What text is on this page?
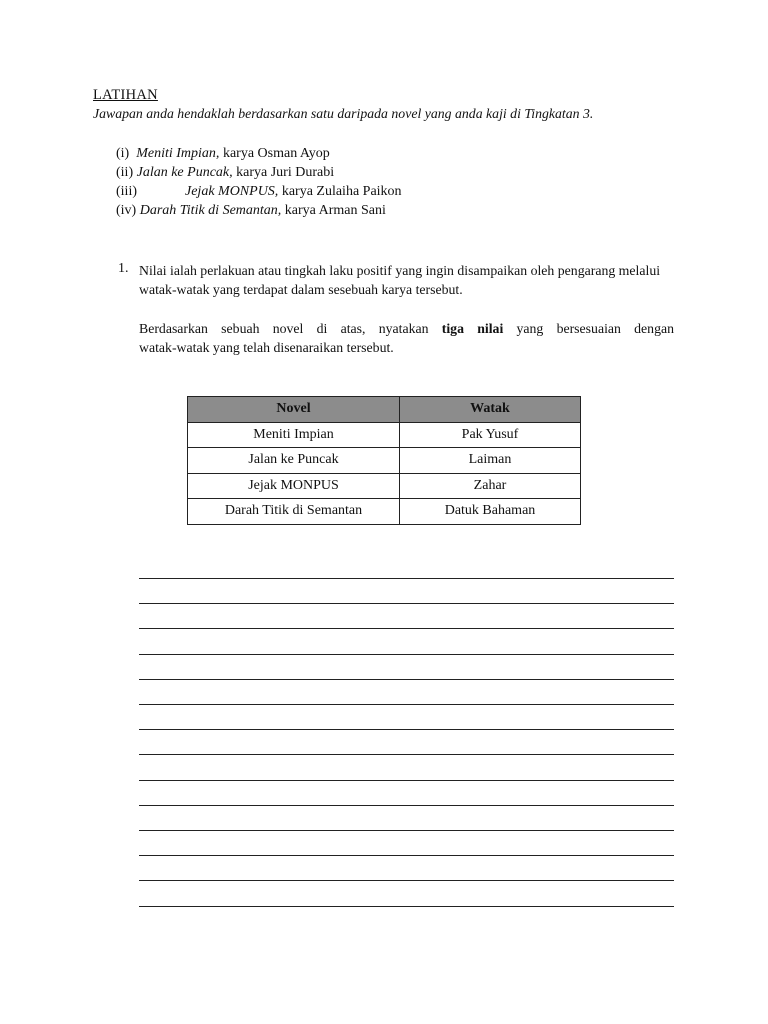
LATIHAN
Jawapan anda hendaklah berdasarkan satu daripada novel yang anda kaji di Tingkatan 3.
(i) Meniti Impian, karya Osman Ayop
(ii) Jalan ke Puncak, karya Juri Durabi
(iii)	Jejak MONPUS, karya Zulaiha Paikon
(iv) Darah Titik di Semantan, karya Arman Sani
1. Nilai ialah perlakuan atau tingkah laku positif yang ingin disampaikan oleh pengarang melalui watak-watak yang terdapat dalam sesebuah karya tersebut.
Berdasarkan sebuah novel di atas, nyatakan tiga nilai yang bersesuaian dengan
watak-watak yang telah disenaraikan tersebut.
Novel	Watak
Meniti Impian	Pak Yusuf
Jalan ke Puncak	Laiman
Jejak MONPUS	Zahar
Darah Titik di Semantan	Datuk Bahaman
